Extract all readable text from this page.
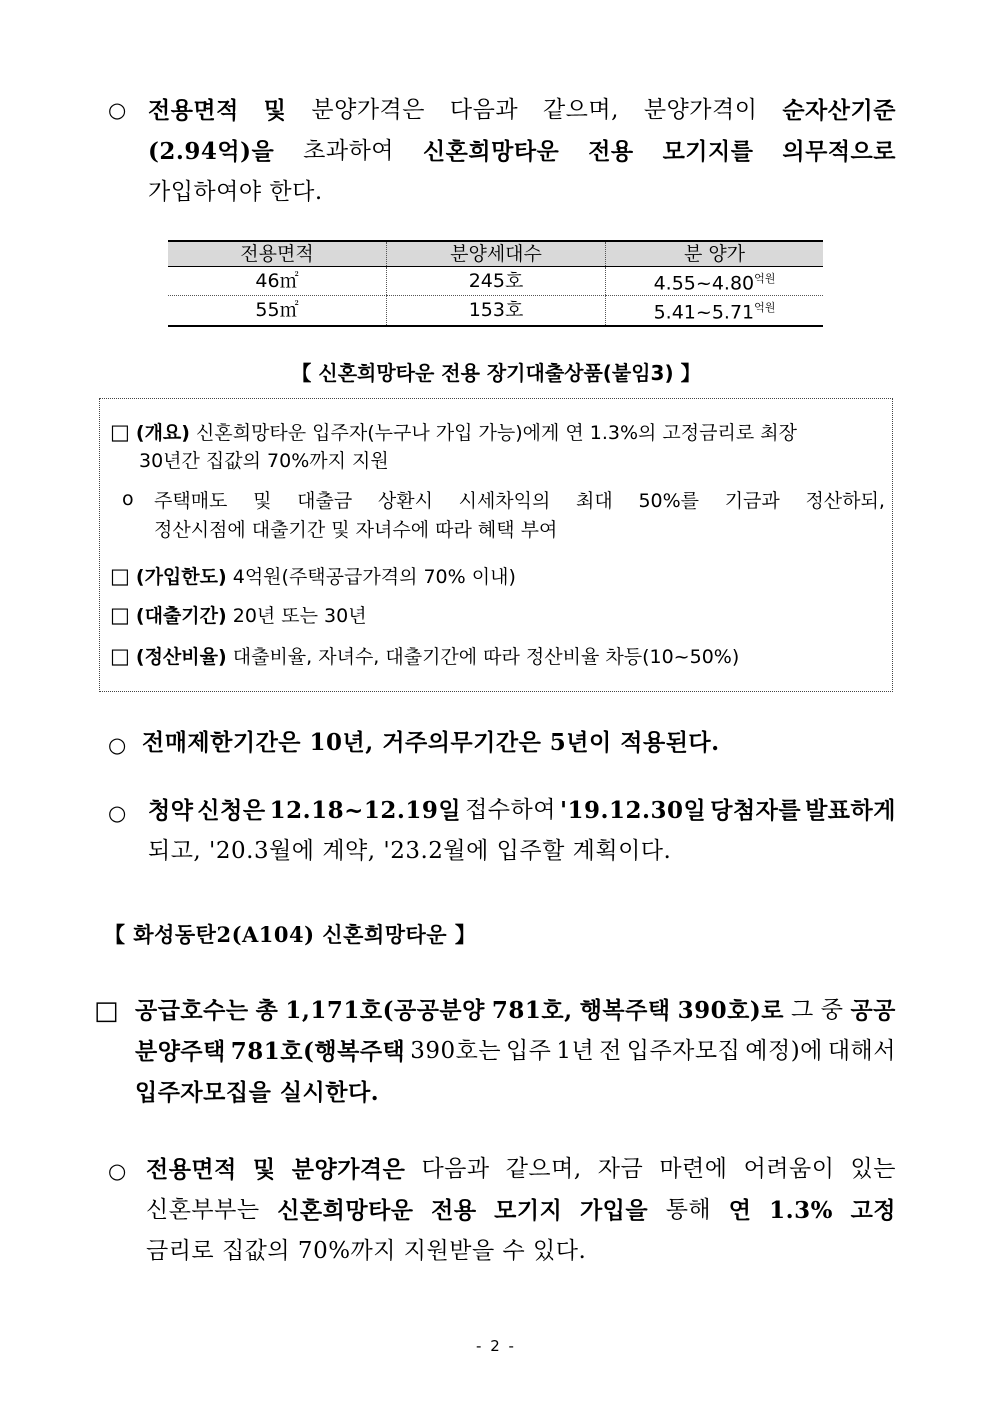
○ 전용면적 및 분양가격은 다음과 같으며, 분양가격이 순자산기준

(2.94억)을 초과하여 신혼희망타운 전용 모기지를 의무적으로

가입하여야 한다.

전용면적	분양세대수	분 양가
46㎡	245호	$4.55\sim 4.80^{억원}$
55㎡	153호	$5.41\sim 5.71^{억원}$
【 신혼희망타운 전용 장기대출상품(붙임3) 】
□ (개요) 신혼희망타운 입주자(누구나 가입 가능)에게 연 1.3%의 고정금리로 최장
30년간 집값의 70%까지 지원
o 주택매도 및 대출금 상환시 시세차익의 최대 50%를 기금과 정산하되,
정산시점에 대출기간 및 자녀수에 따라 혜택 부여
□ (가입한도) 4억원(주택공급가격의 70% 이내)
□ (대출기간) 20년 또는 30년
□ (정산비율) 대출비율, 자녀수, 대출기간에 따라 정산비율 차등(10~50%)
○ 전매제한기간은 10년, 거주의무기간은 5년이 적용된다.

○ 청약 신청은 12.18~12.19일 접수하여 '19.12.30일 당첨자를 발표하게

되고, '20.3월에 계약, '23.2월에 입주할 계획이다.

【 화성동탄2(A104) 신혼희망타운 】

□ 공급호수는 총 1,171호(공공분양 781호, 행복주택 390호)로 그 중 공공

분양주택 781호(행복주택 390호는 입주 1년 전 입주자모집 예정)에 대해서

입주자모집을 실시한다.

○ 전용면적 및 분양가격은 다음과 같으며, 자금 마련에 어려움이 있는

신혼부부는 신혼희망타운 전용 모기지 가입을 통해 연 1.3% 고정

금리로 집값의 70%까지 지원받을 수 있다.

- 2 -
